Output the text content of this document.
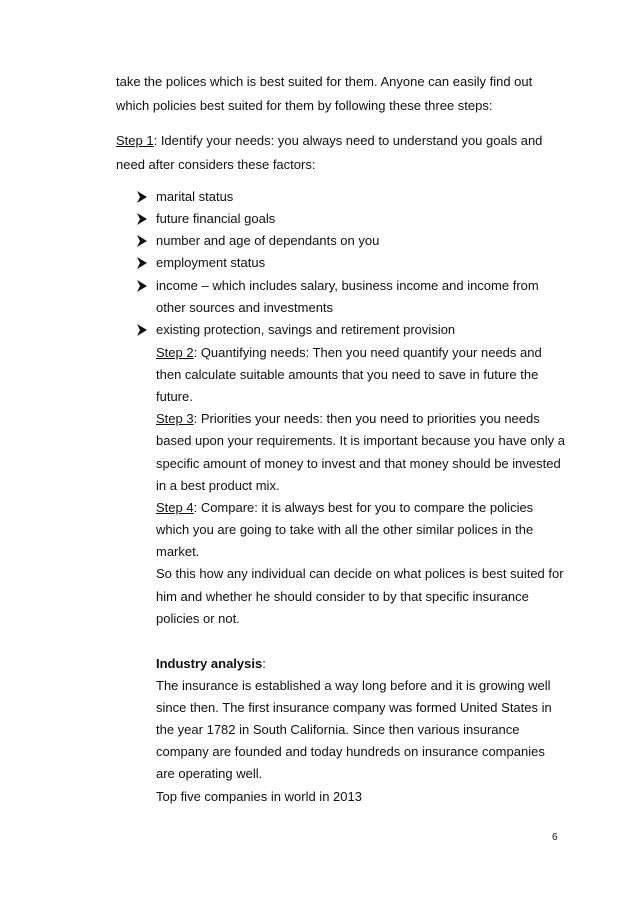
take the polices which is best suited for them. Anyone can easily find out
which policies best suited for them by following these three steps:
Step 1: Identify your needs: you always need to understand you goals and
need after considers these factors:
marital status
future financial goals
number and age of dependants on you
employment status
income – which includes salary, business income and income from
other sources and investments
existing protection, savings and retirement provision
Step 2: Quantifying needs: Then you need quantify your needs and
then calculate suitable amounts that you need to save in future the
future.
Step 3: Priorities your needs: then you need to priorities you needs
based upon your requirements. It is important because you have only a
specific amount of money to invest and that money should be invested
in a best product mix.
Step 4: Compare: it is always best for you to compare the policies
which you are going to take with all the other similar polices in the
market.
So this how any individual can decide on what polices is best suited for
him and whether he should consider to by that specific insurance
policies or not.
Industry analysis:
The insurance is established a way long before and it is growing well
since then. The first insurance company was formed United States in
the year 1782 in South California. Since then various insurance
company are founded and today hundreds on insurance companies
are operating well.
Top five companies in world in 2013
6
